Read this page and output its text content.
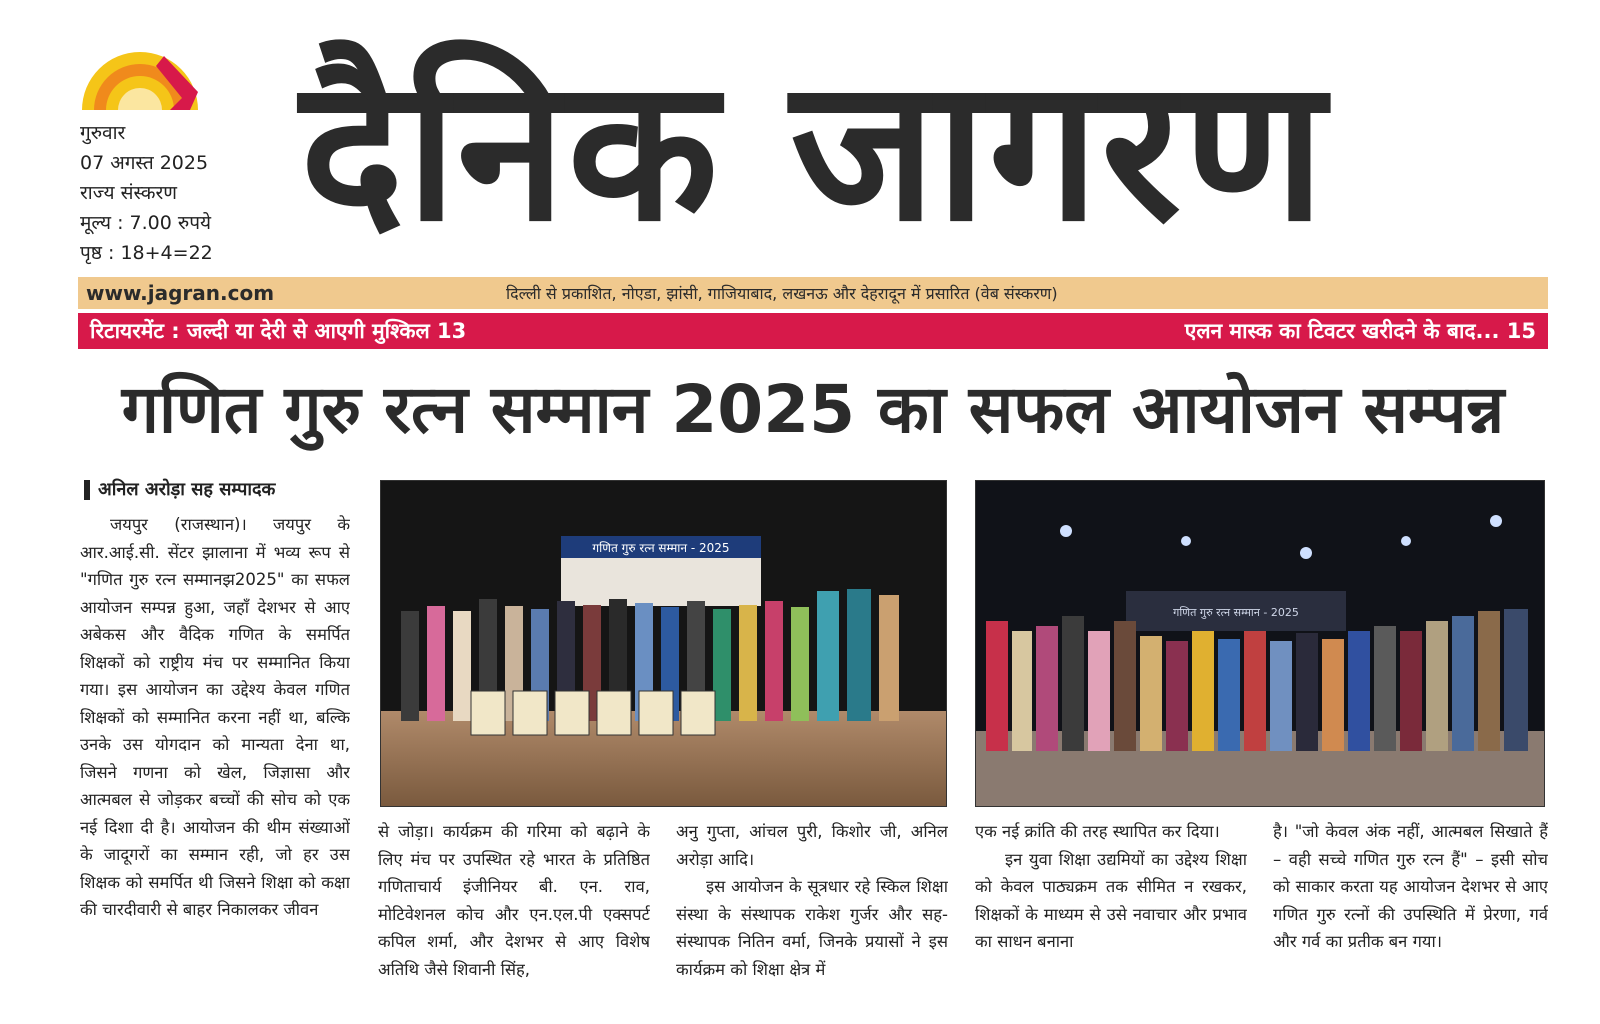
गुरुवार
07 अगस्त 2025
राज्य संस्करण
मूल्य : 7.00 रुपये
पृष्ठ : 18+4=22 दैनिक जागरण
www.jagran.com	दिल्ली से प्रकाशित, नोएडा, झांसी, गाजियाबाद, लखनऊ और देहरादून में प्रसारित (वेब संस्करण)
रिटायरमेंट : जल्दी या देरी से आएगी मुश्किल 13	एलन मास्क का टिवटर खरीदने के बाद... 15
गणित गुरु रत्न सम्मान 2025 का सफल आयोजन सम्पन्न
अनिल अरोड़ा सह सम्पादक
गणित गुरु रत्न सम्मान - 2025
गणित गुरु रत्न सम्मान - 2025

जयपुर (राजस्थान)। जयपुर के आर.आई.सी. सेंटर झालाना में भव्य रूप से "गणित गुरु रत्न सम्मानझ2025" का सफल आयोजन सम्पन्न हुआ, जहाँ देशभर से आए अबेकस और वैदिक गणित के समर्पित शिक्षकों को राष्ट्रीय मंच पर सम्मानित किया गया। इस आयोजन का उद्देश्य केवल गणित शिक्षकों को सम्मानित करना नहीं था, बल्कि उनके उस योगदान को मान्यता देना था, जिसने गणना को खेल, जिज्ञासा और आत्मबल से जोड़कर बच्चों की सोच को एक नई दिशा दी है। आयोजन की थीम संख्याओं के जादूगरों का सम्मान रही, जो हर उस शिक्षक को समर्पित थी जिसने शिक्षा को कक्षा की चारदीवारी से बाहर निकालकर जीवन

से जोड़ा। कार्यक्रम की गरिमा को बढ़ाने के लिए मंच पर उपस्थित रहे भारत के प्रतिष्ठित गणिताचार्य इंजीनियर बी. एन. राव, मोटिवेशनल कोच और एन.एल.पी एक्सपर्ट कपिल शर्मा, और देशभर से आए विशेष अतिथि जैसे शिवानी सिंह,

अनु गुप्ता, आंचल पुरी, किशोर जी, अनिल अरोड़ा आदि।

इस आयोजन के सूत्रधार रहे स्किल शिक्षा संस्था के संस्थापक राकेश गुर्जर और सह-संस्थापक नितिन वर्मा, जिनके प्रयासों ने इस कार्यक्रम को शिक्षा क्षेत्र में

एक नई क्रांति की तरह स्थापित कर दिया।

इन युवा शिक्षा उद्यमियों का उद्देश्य शिक्षा को केवल पाठ्यक्रम तक सीमित न रखकर, शिक्षकों के माध्यम से उसे नवाचार और प्रभाव का साधन बनाना

है। "जो केवल अंक नहीं, आत्मबल सिखाते हैं – वही सच्चे गणित गुरु रत्न हैं" – इसी सोच को साकार करता यह आयोजन देशभर से आए गणित गुरु रत्नों की उपस्थिति में प्रेरणा, गर्व और गर्व का प्रतीक बन गया।
